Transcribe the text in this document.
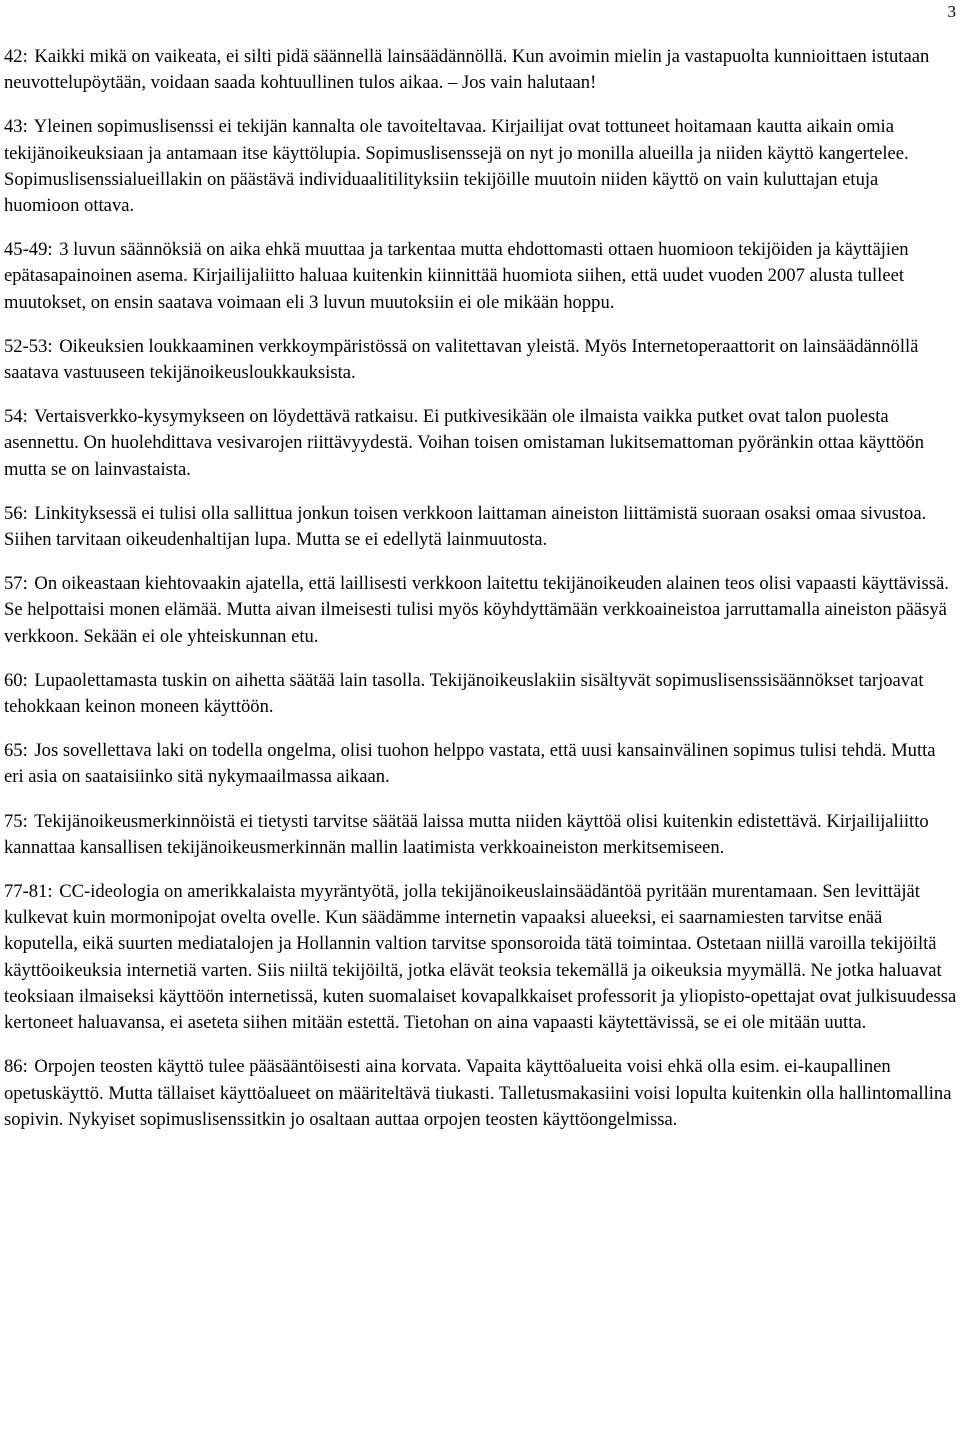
3

42: Kaikki mikä on vaikeata, ei silti pidä säännellä lainsäädännöllä. Kun avoimin mielin ja vastapuolta kunnioittaen istutaan neuvottelupöytään, voidaan saada kohtuullinen tulos aikaa. – Jos vain halutaan!

43: Yleinen sopimuslisenssi ei tekijän kannalta ole tavoiteltavaa. Kirjailijat ovat tottuneet hoitamaan kautta aikain omia tekijänoikeuksiaan ja antamaan itse käyttölupia. Sopimuslisenssejä on nyt jo monilla alueilla ja niiden käyttö kangertelee. Sopimuslisenssialueillakin on päästävä individuaalitilityksiin tekijöille muutoin niiden käyttö on vain kuluttajan etuja huomioon ottava.

45-49: 3 luvun säännöksiä on aika ehkä muuttaa ja tarkentaa mutta ehdottomasti ottaen huomioon tekijöiden ja käyttäjien epätasapainoinen asema. Kirjailijaliitto haluaa kuitenkin kiinnittää huomiota siihen, että uudet vuoden 2007 alusta tulleet muutokset, on ensin saatava voimaan eli 3 luvun muutoksiin ei ole mikään hoppu.

52-53: Oikeuksien loukkaaminen verkkoympäristössä on valitettavan yleistä. Myös Internetoperaattorit on lainsäädännöllä saatava vastuuseen tekijänoikeusloukkauksista.

54: Vertaisverkko-kysymykseen on löydettävä ratkaisu. Ei putkivesikään ole ilmaista vaikka putket ovat talon puolesta asennettu. On huolehdittava vesivarojen riittävyydestä. Voihan toisen omistaman lukitsemattoman pyöränkin ottaa käyttöön mutta se on lainvastaista.

56: Linkityksessä ei tulisi olla sallittua jonkun toisen verkkoon laittaman aineiston liittämistä suoraan osaksi omaa sivustoa. Siihen tarvitaan oikeudenhaltijan lupa. Mutta se ei edellytä lainmuutosta.

57: On oikeastaan kiehtovaakin ajatella, että laillisesti verkkoon laitettu tekijänoikeuden alainen teos olisi vapaasti käyttävissä. Se helpottaisi monen elämää. Mutta aivan ilmeisesti tulisi myös köyhdyttämään verkkoaineistoa jarruttamalla aineiston pääsyä verkkoon. Sekään ei ole yhteiskunnan etu.

60: Lupaolettamasta tuskin on aihetta säätää lain tasolla. Tekijänoikeuslakiin sisältyvät sopimuslisenssisäännökset tarjoavat tehokkaan keinon moneen käyttöön.

65: Jos sovellettava laki on todella ongelma, olisi tuohon helppo vastata, että uusi kansainvälinen sopimus tulisi tehdä. Mutta eri asia on saataisiinko sitä nykymaailmassa aikaan.

75: Tekijänoikeusmerkinnöistä ei tietysti tarvitse säätää laissa mutta niiden käyttöä olisi kuitenkin edistettävä. Kirjailijaliitto kannattaa kansallisen tekijänoikeusmerkinnän mallin laatimista verkkoaineiston merkitsemiseen.

77-81: CC-ideologia on amerikkalaista myyräntyötä, jolla tekijänoikeuslainsäädäntöä pyritään murentamaan. Sen levittäjät kulkevat kuin mormonipojat ovelta ovelle. Kun säädämme internetin vapaaksi alueeksi, ei saarnamiesten tarvitse enää koputella, eikä suurten mediatalojen ja Hollannin valtion tarvitse sponsoroida tätä toimintaa. Ostetaan niillä varoilla tekijöiltä käyttöoikeuksia internetiä varten. Siis niiltä tekijöiltä, jotka elävät teoksia tekemällä ja oikeuksia myymällä. Ne jotka haluavat teoksiaan ilmaiseksi käyttöön internetissä, kuten suomalaiset kovapalkkaiset professorit ja yliopisto-opettajat ovat julkisuudessa kertoneet haluavansa, ei aseteta siihen mitään estettä. Tietohan on aina vapaasti käytettävissä, se ei ole mitään uutta.

86: Orpojen teosten käyttö tulee pääsääntöisesti aina korvata. Vapaita käyttöalueita voisi ehkä olla esim. ei-kaupallinen opetuskäyttö. Mutta tällaiset käyttöalueet on määriteltävä tiukasti. Talletusmakasiini voisi lopulta kuitenkin olla hallintomallina sopivin. Nykyiset sopimuslisenssitkin jo osaltaan auttaa orpojen teosten käyttöongelmissa.
